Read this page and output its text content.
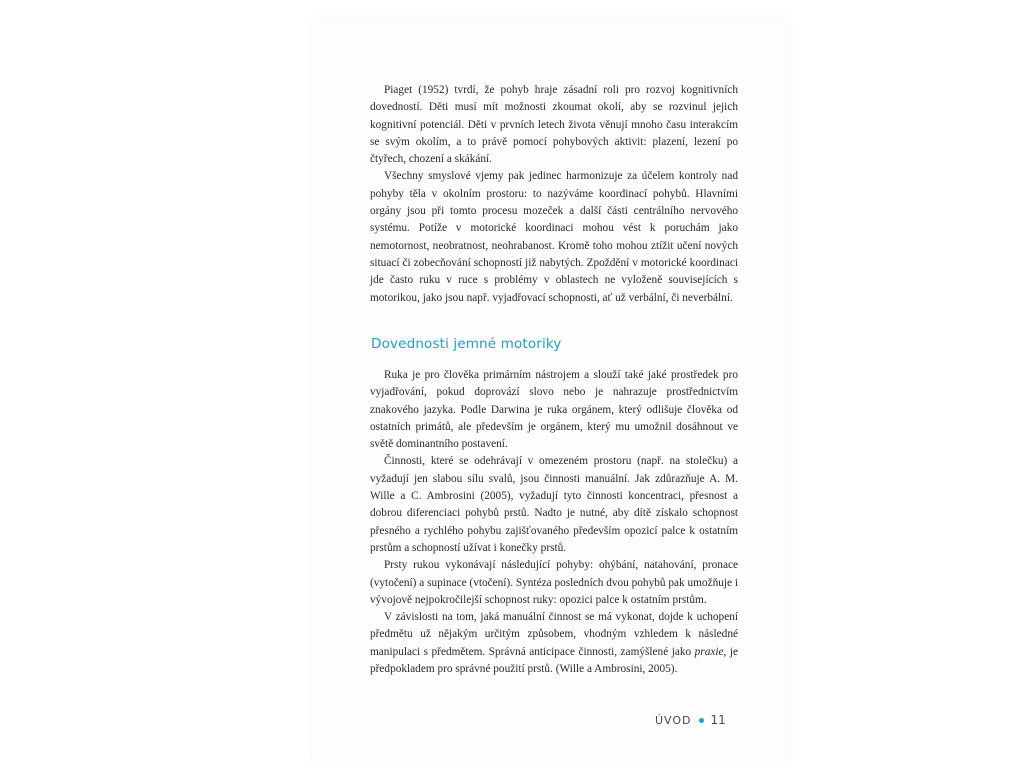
Piaget (1952) tvrdí, že pohyb hraje zásadní roli pro rozvoj kognitivních dovedností. Děti musí mít možnosti zkoumat okolí, aby se rozvinul jejich kognitivní potenciál. Děti v prvních letech života věnují mnoho času interakcím se svým okolím, a to právě pomocí pohybových aktivit: plazení, lezení po čtyřech, chození a skákání.

Všechny smyslové vjemy pak jedinec harmonizuje za účelem kontroly nad pohyby těla v okolním prostoru: to nazýváme koordinací pohybů. Hlavními orgány jsou při tomto procesu mozeček a další části centrálního nervového systému. Potíže v motorické koordinaci mohou vést k poruchám jako nemotornost, neobratnost, neohrabanost. Kromě toho mohou ztížit učení nových situací či zobecňování schopností již nabytých. Zpoždění v motorické koordinaci jde často ruku v ruce s problémy v oblastech ne vyloženě souvisejících s motorikou, jako jsou např. vyjadřovací schopnosti, ať už verbální, či neverbální.

Dovednosti jemné motoriky

Ruka je pro člověka primárním nástrojem a slouží také jaké prostředek pro vyjadřování, pokud doprovází slovo nebo je nahrazuje prostřednictvím znakového jazyka. Podle Darwina je ruka orgánem, který odlišuje člověka od ostatních primátů, ale především je orgánem, který mu umožnil dosáhnout ve světě dominantního postavení.

Činnosti, které se odehrávají v omezeném prostoru (např. na stolečku) a vyžadují jen slabou sílu svalů, jsou činnosti manuální. Jak zdůrazňuje A. M. Wille a C. Ambrosini (2005), vyžadují tyto činnosti koncentraci, přesnost a dobrou diferenciaci pohybů prstů. Nadto je nutné, aby dítě získalo schopnost přesného a rychlého pohybu zajišťovaného především opozicí palce k ostatním prstům a schopností užívat i konečky prstů.

Prsty rukou vykonávají následující pohyby: ohýbání, natahování, pronace (vytočení) a supinace (vtočení). Syntéza posledních dvou pohybů pak umožňuje i vývojově nejpokročilejší schopnost ruky: opozici palce k ostatním prstům.

V závislosti na tom, jaká manuální činnost se má vykonat, dojde k uchopení předmětu už nějakým určitým způsobem, vhodným vzhledem k následné manipulaci s předmětem. Správná anticipace činnosti, zamýšlené jako praxie, je předpokladem pro správné použití prstů. (Wille a Ambrosini, 2005).

ÚVOD 11
